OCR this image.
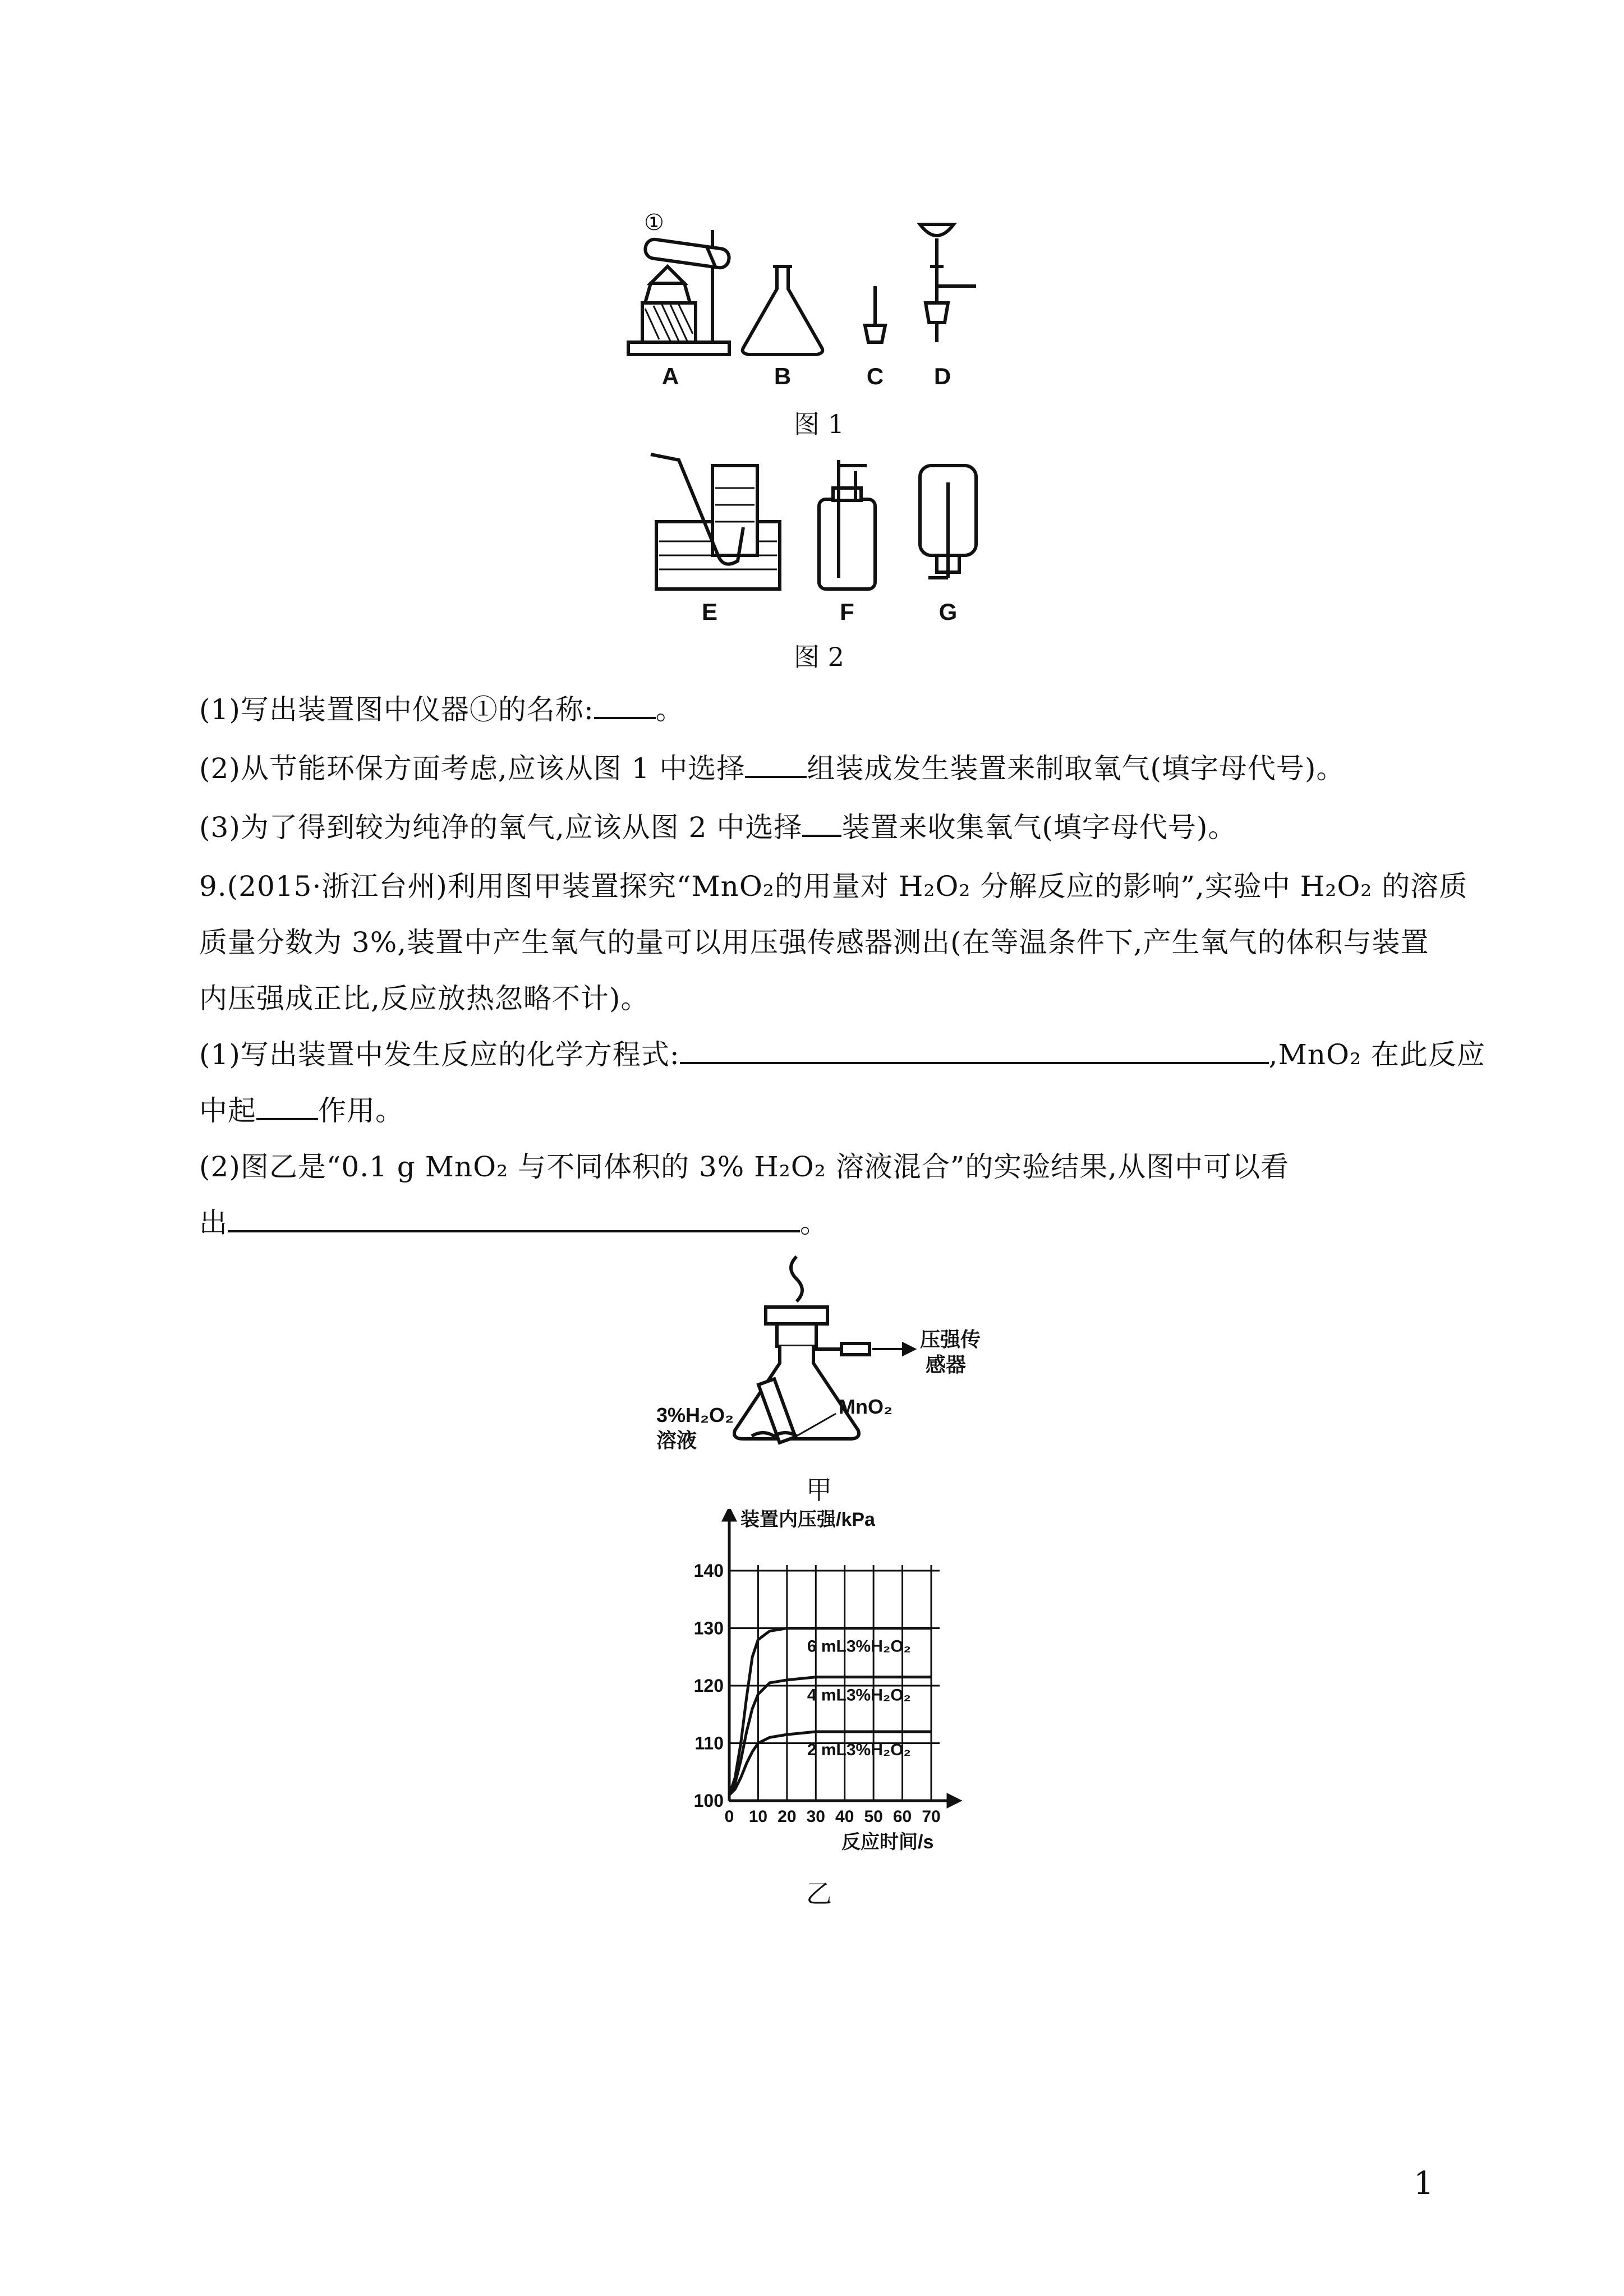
①
A	B	C D
图 1
E	F	G
图 2
(1)写出装置图中仪器①的名称: 。
(2)从节能环保方面考虑,应该从图 1 中选择 组装成发生装置来制取氧气(填字母代号)。
(3)为了得到较为纯净的氧气,应该从图 2 中选择 装置来收集氧气(填字母代号)。
9.(2015·浙江台州)利用图甲装置探究“MnO₂的用量对 H₂O₂ 分解反应的影响”,实验中 H₂O₂ 的溶质
质量分数为 3%,装置中产生氧气的量可以用压强传感器测出(在等温条件下,产生氧气的体积与装置
内压强成正比,反应放热忽略不计)。
(1)写出装置中发生反应的化学方程式:	,MnO₂ 在此反应
中起 作用。
(2)图乙是“0.1 g MnO₂ 与不同体积的 3% H₂O₂ 溶液混合”的实验结果,从图中可以看
出	。
压强传
感器
3%H₂O₂
溶液
MnO₂
甲
100
110
120
130
140
0 10 20 30 40 50 60 70
6 mL3%H₂O₂
4 mL3%H₂O₂
2 mL3%H₂O₂
装置内压强/kPa
反应时间/s
乙
1
